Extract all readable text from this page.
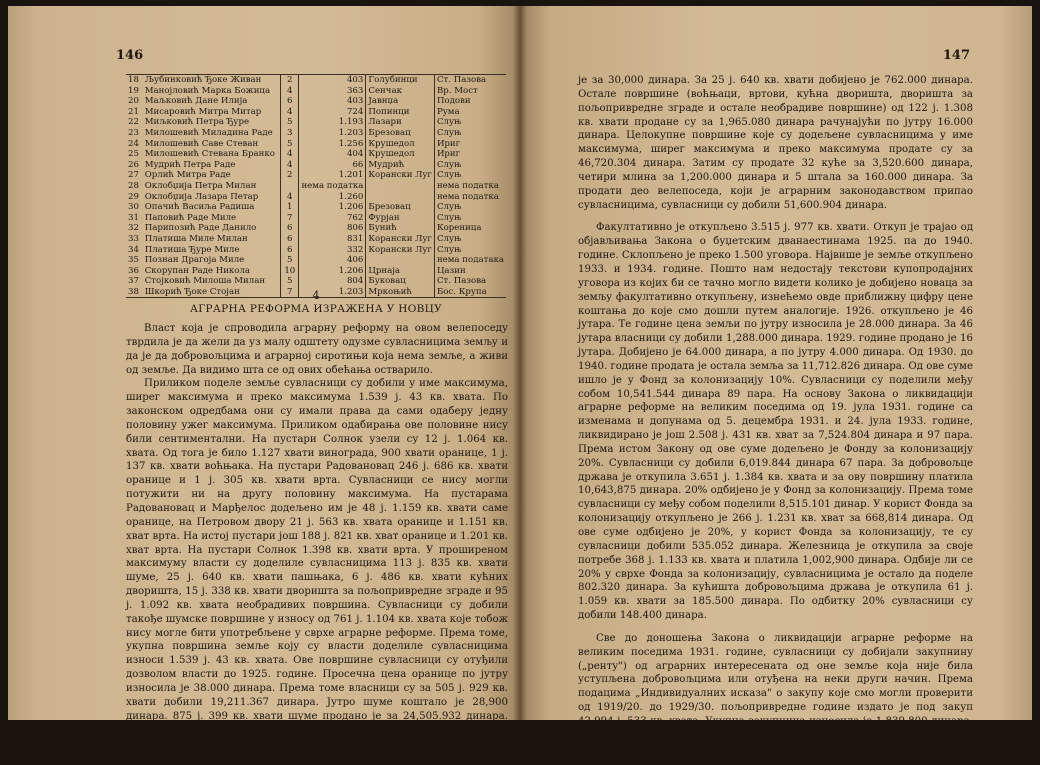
146
18	Љубинковић Ђоке Живан	2	403	Голубинци	Ст. Пазова
19	Манојловић Марка Божица	4	363	Сенчак	Вр. Мост
20	Маљковић Дане Илија	6	403	Јавнџа	Подови
21	Мисаровић Митра Митар	4	724	Попинци	Рума
22	Миљковић Петра Ђуре	5	1.193	Лазари	Слуњ
23	Милошевић Миладина Раде	3	1.203	Брезовац	Слуњ
24	Милошевић Саве Стеван	5	1.256	Крушедол	Ириг
25	Милошевић Стевана Бранко	4	404	Крушедол	Ириг
26	Мудрић Петра Раде	4	66	Мудрић	Слуњ
27	Орлић Митра Раде	2	1.201	Корански Луг	Слуњ
28	Оклобџија Петра Милан		нема податка		нема податка
29	Оклобџија Лазара Петар	4	1.260		нема податка
30	Опачић Васиља Радиша	1	1.206	Брезовац	Слуњ
31	Паповић Раде Миле	7	762	Фурјан	Слуњ
32	Парипозић Раде Данило	6	806	Бунић	Кореница
33	Платиша Миле Милан	6	831	Корански Луг	Слуњ
34	Платиша Ђуре Миле	6	332	Корански Луг	Слуњ
35	Познан Драгоја Миле	5	406		нема података
36	Скорупан Раде Никола	10	1.206	Црнаја	Цазин
37	Стојковић Милоша Милан	5	804	Буковац	Ст. Пазова
38	Шкорић Ђоке Стојан	7	1.203	Мркоњић	Бос. Крупа
4
АГРАРНА РЕФОРМА ИЗРАЖЕНА У НОВЦУ

Власт која је спроводила аграрну реформу на овом велепоседу тврдила је да жели да уз малу одштету одузме сувласницима земљу и да је да добровољцима и аграрној сиротињи која нема земље, а живи од земље. Да видимо шта се од ових обећања остварило.

Приликом поделе земље сувласници су добили у име максимума, ширег максимума и преко максимума 1.539 ј. 43 кв. хвата. По законском одредбама они су имали права да сами одаберу једну половину ужег максимума. Приликом одабирања ове половине нису били сентиментални. На пустари Солнок узели су 12 ј. 1.064 кв. хвата. Од тога је било 1.127 хвати винограда, 900 хвати оранице, 1 ј. 137 кв. хвати воћњака. На пустари Радовановац 246 ј. 686 кв. хвати оранице и 1 ј. 305 кв. хвати врта. Сувласници се нису могли потужити ни на другу половину максимума. На пустарама Радовановац и Марђелос додељено им је 48 ј. 1.159 кв. хвати саме оранице, на Петровом двору 21 ј. 563 кв. хвата оранице и 1.151 кв. хват врта. На истој пустари још 188 ј. 821 кв. хват оранице и 1.201 кв. хват врта. На пустари Солнок 1.398 кв. хвати врта. У проширеном максимуму власти су доделиле сувласницима 113 ј. 835 кв. хвати шуме, 25 ј. 640 кв. хвати пашњака, 6 ј. 486 кв. хвати кућних дворишта, 15 ј. 338 кв. хвати дворишта за пољопривредне зграде и 95 ј. 1.092 кв. хвата необрадивих површина. Сувласници су добили такође шумске површине у износу од 761 ј. 1.104 кв. хвата које тобож нису могле бити употребљене у сврхе аграрне реформе. Према томе, укупна површина земље коју су власти доделиле сувласницима износи 1.539 ј. 43 кв. хвата. Ове површине сувласници су отуђили дозволом власти до 1925. године. Просечна цена оранице по јутру износила је 38.000 динара. Према томе власници су за 505 ј. 929 кв. хвати добили 19,211.367 динара. Јутро шуме коштало је 28,900 динара. 875 ј. 399 кв. хвати шуме продано је за 24,505.932 динара. Просечна цена по јутру винограда износила је 25.000 динара, што значи да су сувласници за 12 ј. 164 кв. хвата добили 275.925 динара. Јутро пашњака продавано

147

је за 30,000 динара. За 25 ј. 640 кв. хвати добијено је 762.000 динара. Остале површине (воћњаци, вртови, кућна дворишта, дворишта за пољопривредне зграде и остале необрадиве површине) од 122 ј. 1.308 кв. хвати продане су за 1,965.080 динара рачунајући по јутру 16.000 динара. Целокупне површине које су додељене сувласницима у име максимума, ширег максимума и преко максимума продате су за 46,720.304 динара. Затим су продате 32 куће за 3,520.600 динара, четири млина за 1,200.000 динара и 5 штала за 160.000 динара. За продати део велепоседа, који је аграрним законодавством припао сувласницима, сувласници су добили 51,600.904 динара.

Факултативно је откупљено 3.515 ј. 977 кв. хвати. Откуп је трајао од објављивања Закона о буџетским дванаестинама 1925. па до 1940. године. Склопљено је преко 1.500 уговора. Највише је земље откупљено 1933. и 1934. године. Пошто нам недостају текстови купопродајних уговора из којих би се тачно могло видети колико је добијено новаца за земљу факултативно откупљену, изнећемо овде приближну цифру цене коштања до које смо дошли путем аналогије. 1926. откупљено је 46 јутара. Те године цена земљи по јутру износила је 28.000 динара. За 46 јутара власници су добили 1,288.000 динара. 1929. године продано је 16 јутара. Добијено је 64.000 динара, а по јутру 4.000 динара. Од 1930. до 1940. године продата је остала земља за 11,712.826 динара. Од ове суме ишло је у Фонд за колонизацију 10%. Сувласници су поделили међу собом 10,541.544 динара 89 пара. На основу Закона о ликвидацији аграрне реформе на великим поседима од 19. јула 1931. године са изменама и допунама од 5. децембра 1931. и 24. јула 1933. године, ликвидирано је још 2.508 ј. 431 кв. хват за 7,524.804 динара и 97 пара. Према истом Закону од ове суме додељено је Фонду за колонизацију 20%. Сувласници су добили 6,019.844 динара 67 пара. За добровољце држава је откупила 3.651 ј. 1.384 кв. хвата и за ову површину платила 10,643,875 динара. 20% одбијено је у Фонд за колонизацију. Према томе сувласници су међу собом поделили 8,515.101 динар. У корист Фонда за колонизацију откупљено је 266 ј. 1.231 кв. хват за 668,814 динара. Од ове суме одбијено је 20%, у корист Фонда за колонизацију, те су сувласници добили 535.052 динара. Железница је откупила за своје потребе 368 ј. 1.133 кв. хвата и платила 1,002,900 динара. Одбије ли се 20% у сврхе Фонда за колонизацију, сувласницима је остало да поделе 802.320 динара. За кућишта добровољцима држава је откупила 61 ј. 1.059 кв. хвати за 185.500 динара. По одбитку 20% сувласници су добили 148.400 динара.

Све до доношења Закона о ликвидацији аграрне реформе на великим поседима 1931. године, сувласници су добијали закупнину („ренту") од аграрних интересената од оне земље која није била уступљена добровољцима или отуђена на неки други начин. Према подацима „Индивидуалних исказа" о закупу које смо могли проверити од 1919/20. до 1929/30. пољопривредне године издато је под закуп 42.994 ј. 533 кв. хвата. Укупна закупнина износила је 1,839.800 динара. Од ове суме узела је држава 1/4 у име управних трошкова и Фонда за колонизацију. Сувласницима је исплаћено 1,379.850 динара.
